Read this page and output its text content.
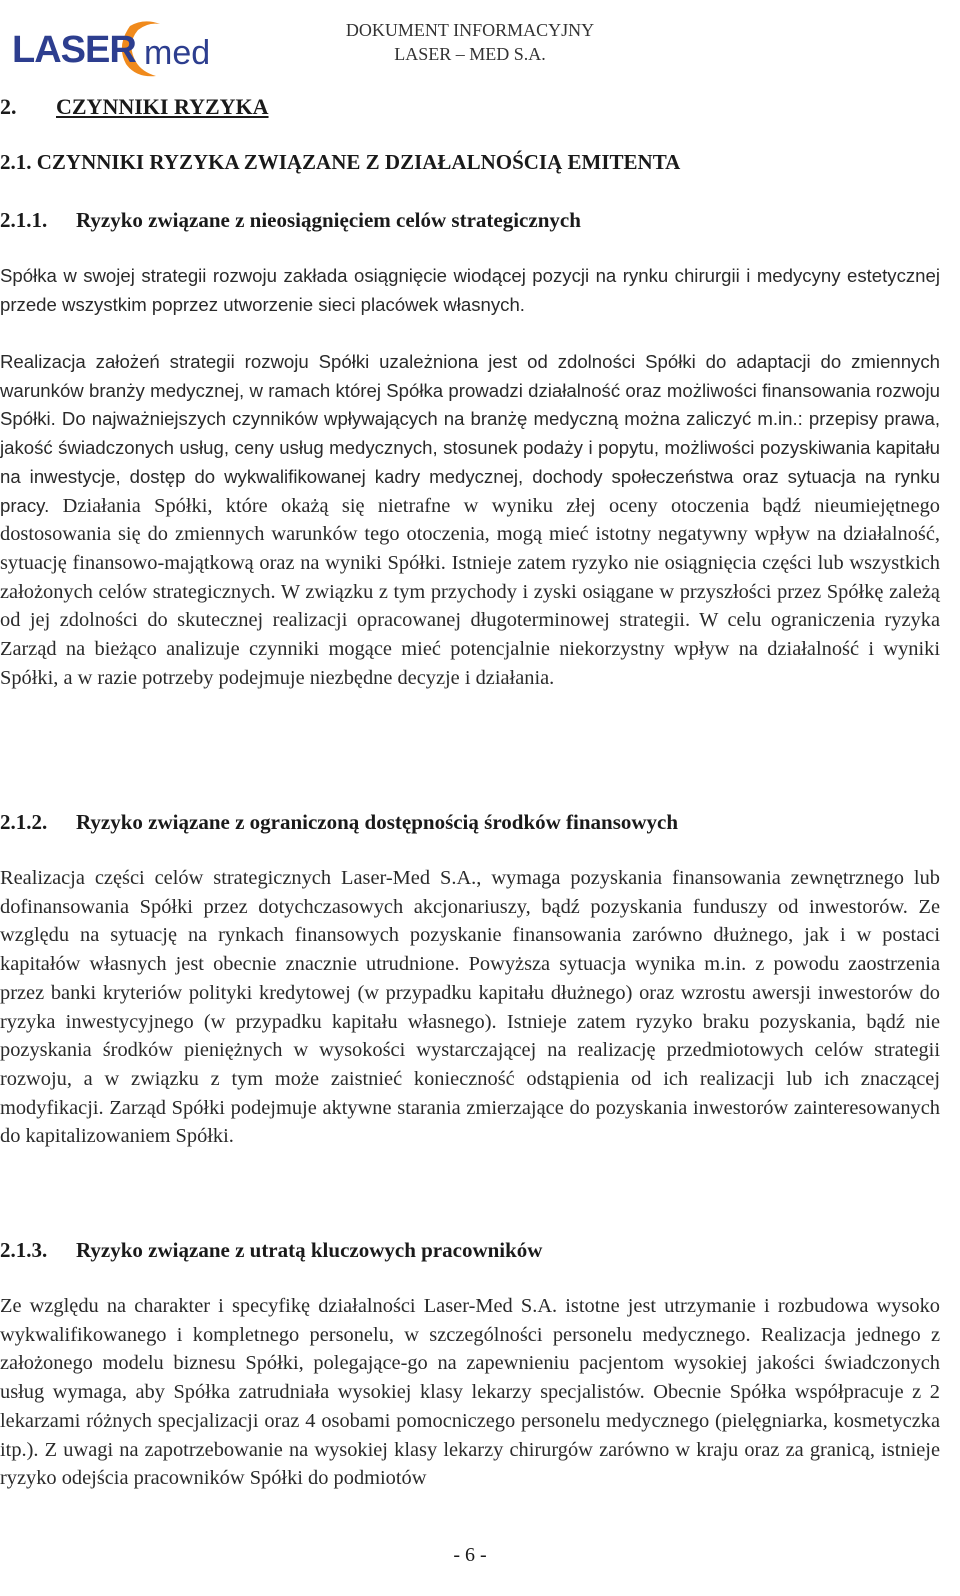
LASER med
DOKUMENT INFORMACYJNY
LASER – MED S.A.
2. CZYNNIKI RYZYKA
2.1. CZYNNIKI RYZYKA ZWIĄZANE Z DZIAŁALNOŚCIĄ EMITENTA
2.1.1. Ryzyko związane z nieosiągnięciem celów strategicznych
Spółka w swojej strategii rozwoju zakłada osiągnięcie wiodącej pozycji na rynku chirurgii i medycyny estetycznej przede wszystkim poprzez utworzenie sieci placówek własnych.
Realizacja założeń strategii rozwoju Spółki uzależniona jest od zdolności Spółki do adaptacji do zmiennych warunków branży medycznej, w ramach której Spółka prowadzi działalność oraz możliwości finansowania rozwoju Spółki. Do najważniejszych czynników wpływających na branżę medyczną można zaliczyć m.in.: przepisy prawa, jakość świadczonych usług, ceny usług medycznych, stosunek podaży i popytu, możliwości pozyskiwania kapitału na inwestycje, dostęp do wykwalifikowanej kadry medycznej, dochody społeczeństwa oraz sytuacja na rynku pracy. Działania Spółki, które okażą się nietrafne w wyniku złej oceny otoczenia bądź nieumiejętnego dostosowania się do zmiennych warunków tego otoczenia, mogą mieć istotny negatywny wpływ na działalność, sytuację finansowo-majątkową oraz na wyniki Spółki. Istnieje zatem ryzyko nie osiągnięcia części lub wszystkich założonych celów strategicznych. W związku z tym przychody i zyski osiągane w przyszłości przez Spółkę zależą od jej zdolności do skutecznej realizacji opracowanej długoterminowej strategii. W celu ograniczenia ryzyka Zarząd na bieżąco analizuje czynniki mogące mieć potencjalnie niekorzystny wpływ na działalność i wyniki Spółki, a w razie potrzeby podejmuje niezbędne decyzje i działania.
2.1.2. Ryzyko związane z ograniczoną dostępnością środków finansowych
Realizacja części celów strategicznych Laser-Med S.A., wymaga pozyskania finansowania zewnętrznego lub dofinansowania Spółki przez dotychczasowych akcjonariuszy, bądź pozyskania funduszy od inwestorów. Ze względu na sytuację na rynkach finansowych pozyskanie finansowania zarówno dłużnego, jak i w postaci kapitałów własnych jest obecnie znacznie utrudnione. Powyższa sytuacja wynika m.in. z powodu zaostrzenia przez banki kryteriów polityki kredytowej (w przypadku kapitału dłużnego) oraz wzrostu awersji inwestorów do ryzyka inwestycyjnego (w przypadku kapitału własnego). Istnieje zatem ryzyko braku pozyskania, bądź nie pozyskania środków pieniężnych w wysokości wystarczającej na realizację przedmiotowych celów strategii rozwoju, a w związku z tym może zaistnieć konieczność odstąpienia od ich realizacji lub ich znaczącej modyfikacji. Zarząd Spółki podejmuje aktywne starania zmierzające do pozyskania inwestorów zainteresowanych do kapitalizowaniem Spółki.
2.1.3. Ryzyko związane z utratą kluczowych pracowników
Ze względu na charakter i specyfikę działalności Laser-Med S.A. istotne jest utrzymanie i rozbudowa wysoko wykwalifikowanego i kompletnego personelu, w szczególności personelu medycznego. Realizacja jednego z założonego modelu biznesu Spółki, polegające-go na zapewnieniu pacjentom wysokiej jakości świadczonych usług wymaga, aby Spółka zatrudniała wysokiej klasy lekarzy specjalistów. Obecnie Spółka współpracuje z 2 lekarzami różnych specjalizacji oraz 4 osobami pomocniczego personelu medycznego (pielęgniarka, kosmetyczka itp.). Z uwagi na zapotrzebowanie na wysokiej klasy lekarzy chirurgów zarówno w kraju oraz za granicą, istnieje ryzyko odejścia pracowników Spółki do podmiotów
- 6 -
